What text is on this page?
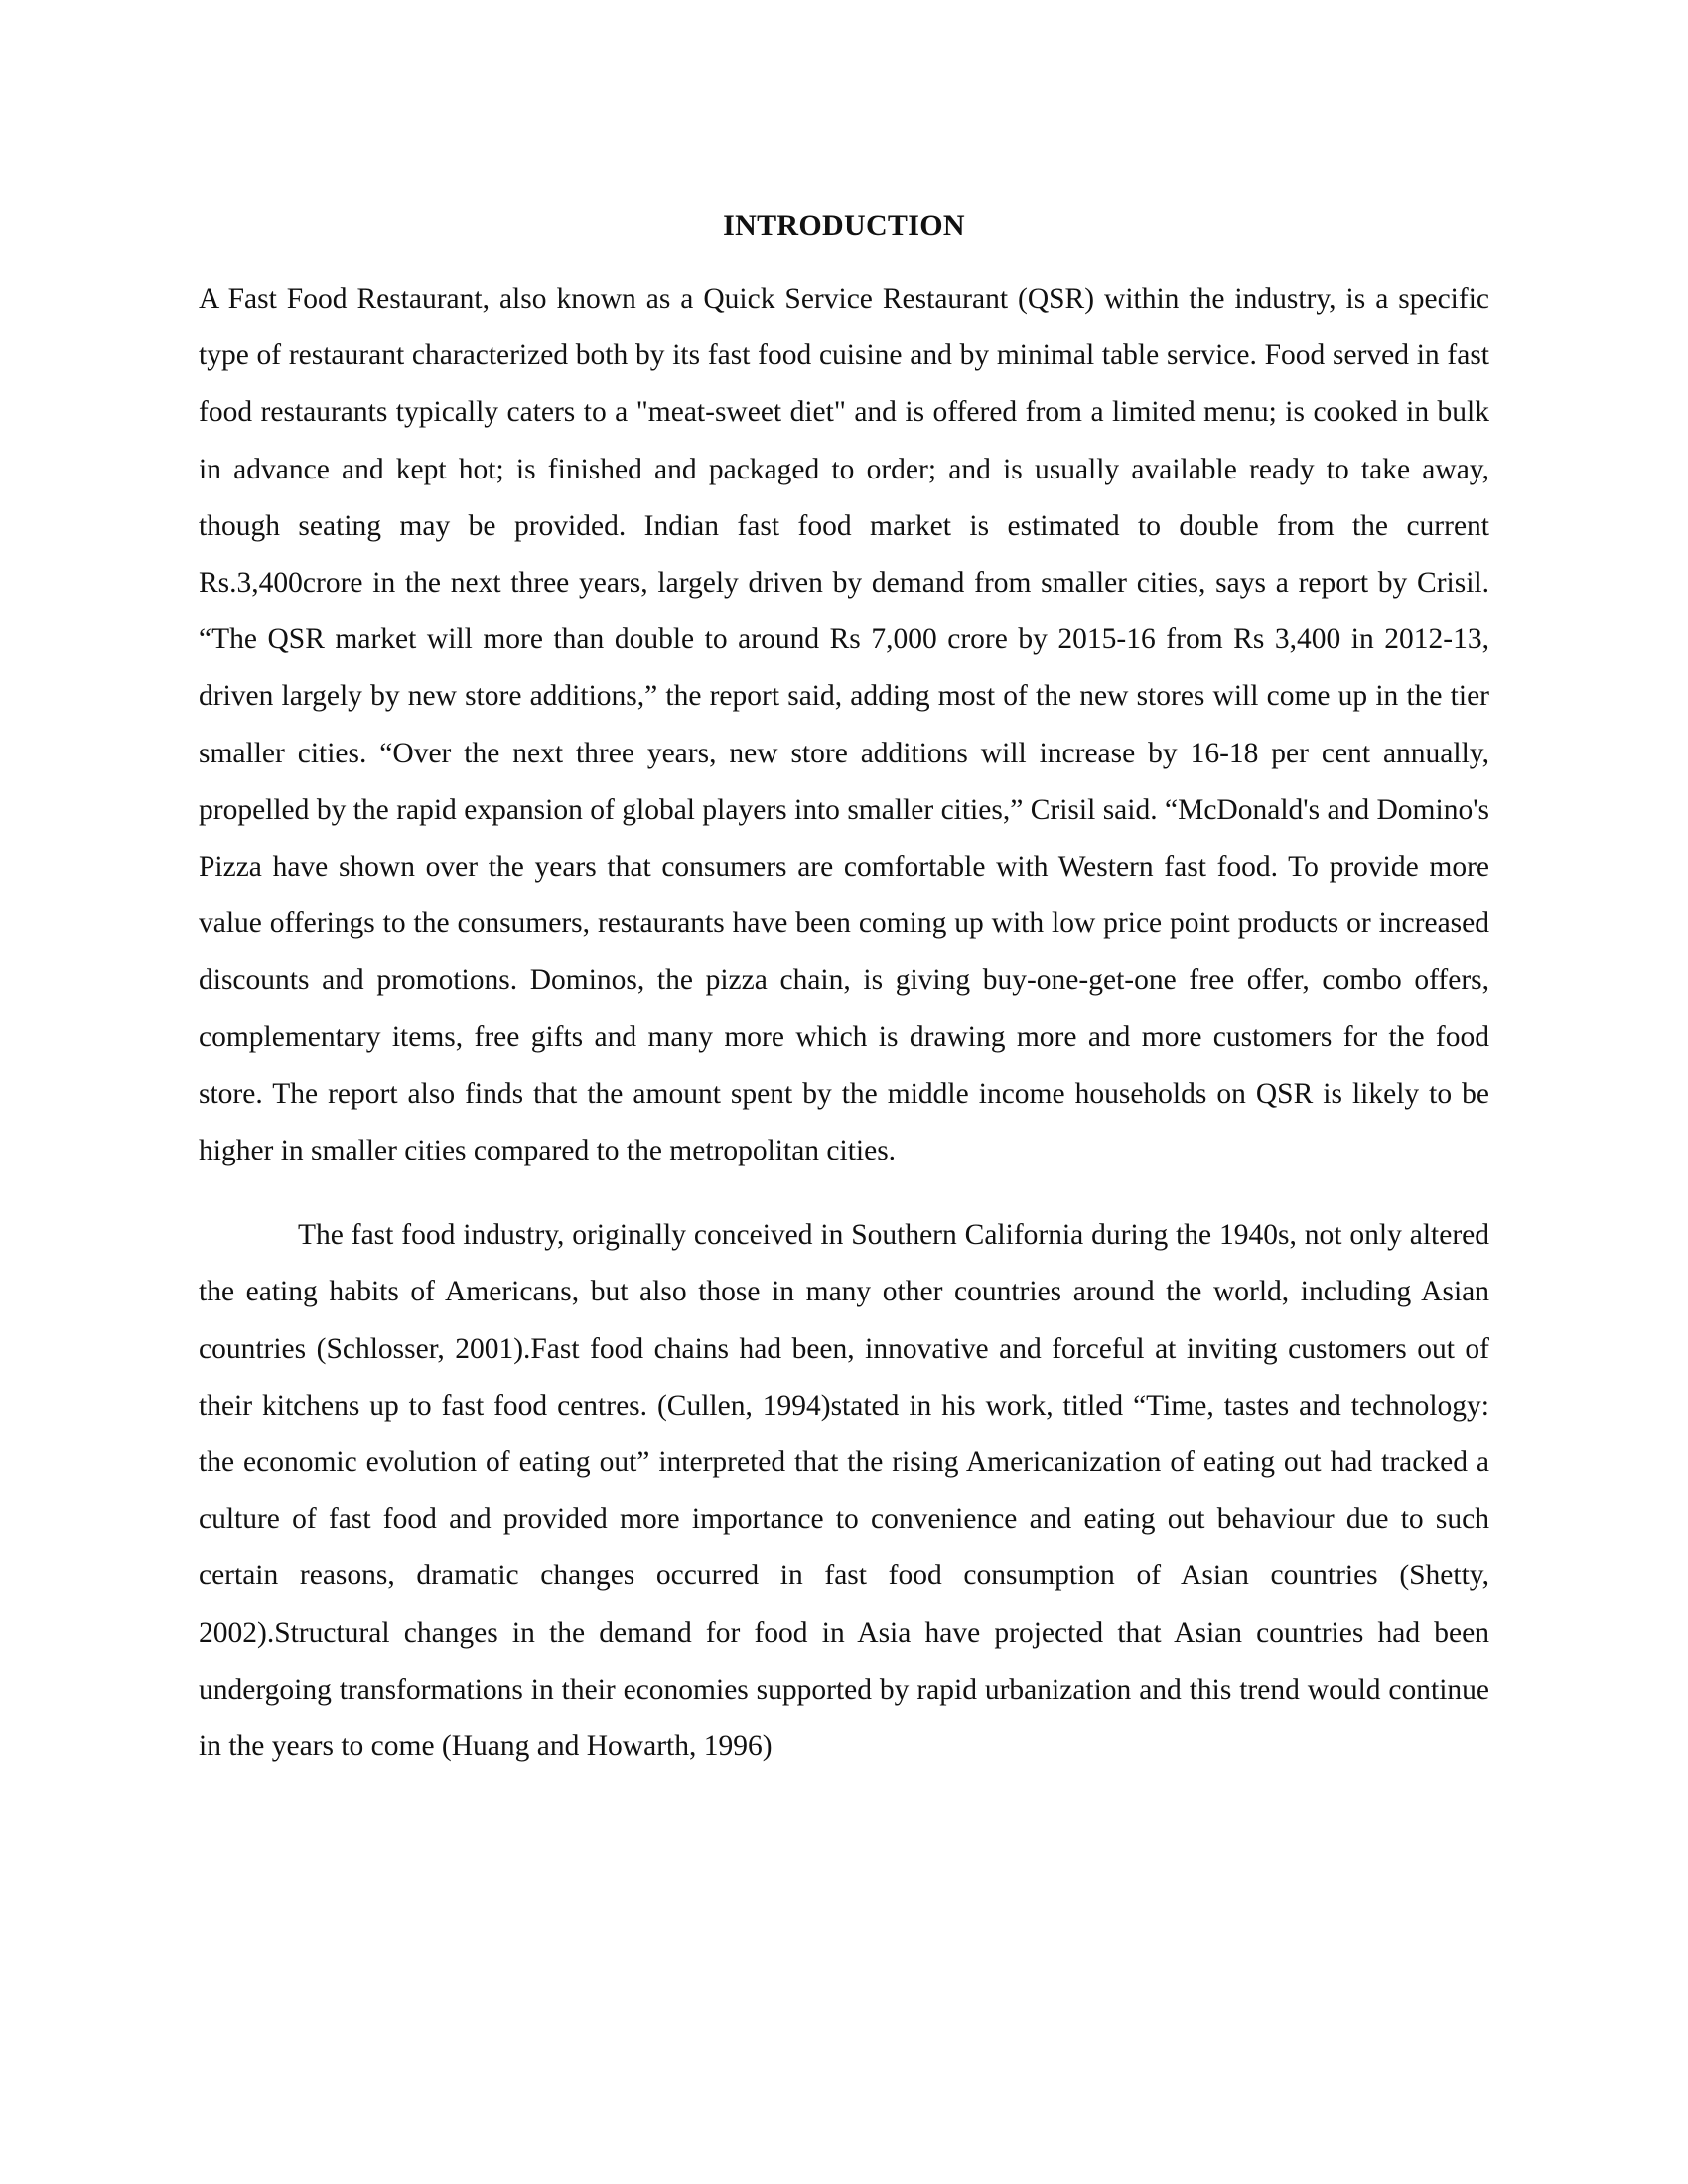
INTRODUCTION

A Fast Food Restaurant, also known as a Quick Service Restaurant (QSR) within the industry, is a specific type of restaurant characterized both by its fast food cuisine and by minimal table service. Food served in fast food restaurants typically caters to a "meat-sweet diet" and is offered from a limited menu; is cooked in bulk in advance and kept hot; is finished and packaged to order; and is usually available ready to take away, though seating may be provided. Indian fast food market is estimated to double from the current Rs.3,400crore in the next three years, largely driven by demand from smaller cities, says a report by Crisil. “The QSR market will more than double to around Rs 7,000 crore by 2015-16 from Rs 3,400 in 2012-13, driven largely by new store additions,” the report said, adding most of the new stores will come up in the tier smaller cities. “Over the next three years, new store additions will increase by 16-18 per cent annually, propelled by the rapid expansion of global players into smaller cities,” Crisil said. “McDonald's and Domino's Pizza have shown over the years that consumers are comfortable with Western fast food. To provide more value offerings to the consumers, restaurants have been coming up with low price point products or increased discounts and promotions. Dominos, the pizza chain, is giving buy-one-get-one free offer, combo offers, complementary items, free gifts and many more which is drawing more and more customers for the food store. The report also finds that the amount spent by the middle income households on QSR is likely to be higher in smaller cities compared to the metropolitan cities.

The fast food industry, originally conceived in Southern California during the 1940s, not only altered the eating habits of Americans, but also those in many other countries around the world, including Asian countries (Schlosser, 2001).Fast food chains had been, innovative and forceful at inviting customers out of their kitchens up to fast food centres. (Cullen, 1994)stated in his work, titled “Time, tastes and technology: the economic evolution of eating out” interpreted that the rising Americanization of eating out had tracked a culture of fast food and provided more importance to convenience and eating out behaviour due to such certain reasons, dramatic changes occurred in fast food consumption of Asian countries (Shetty, 2002).Structural changes in the demand for food in Asia have projected that Asian countries had been undergoing transformations in their economies supported by rapid urbanization and this trend would continue in the years to come (Huang and Howarth, 1996)
